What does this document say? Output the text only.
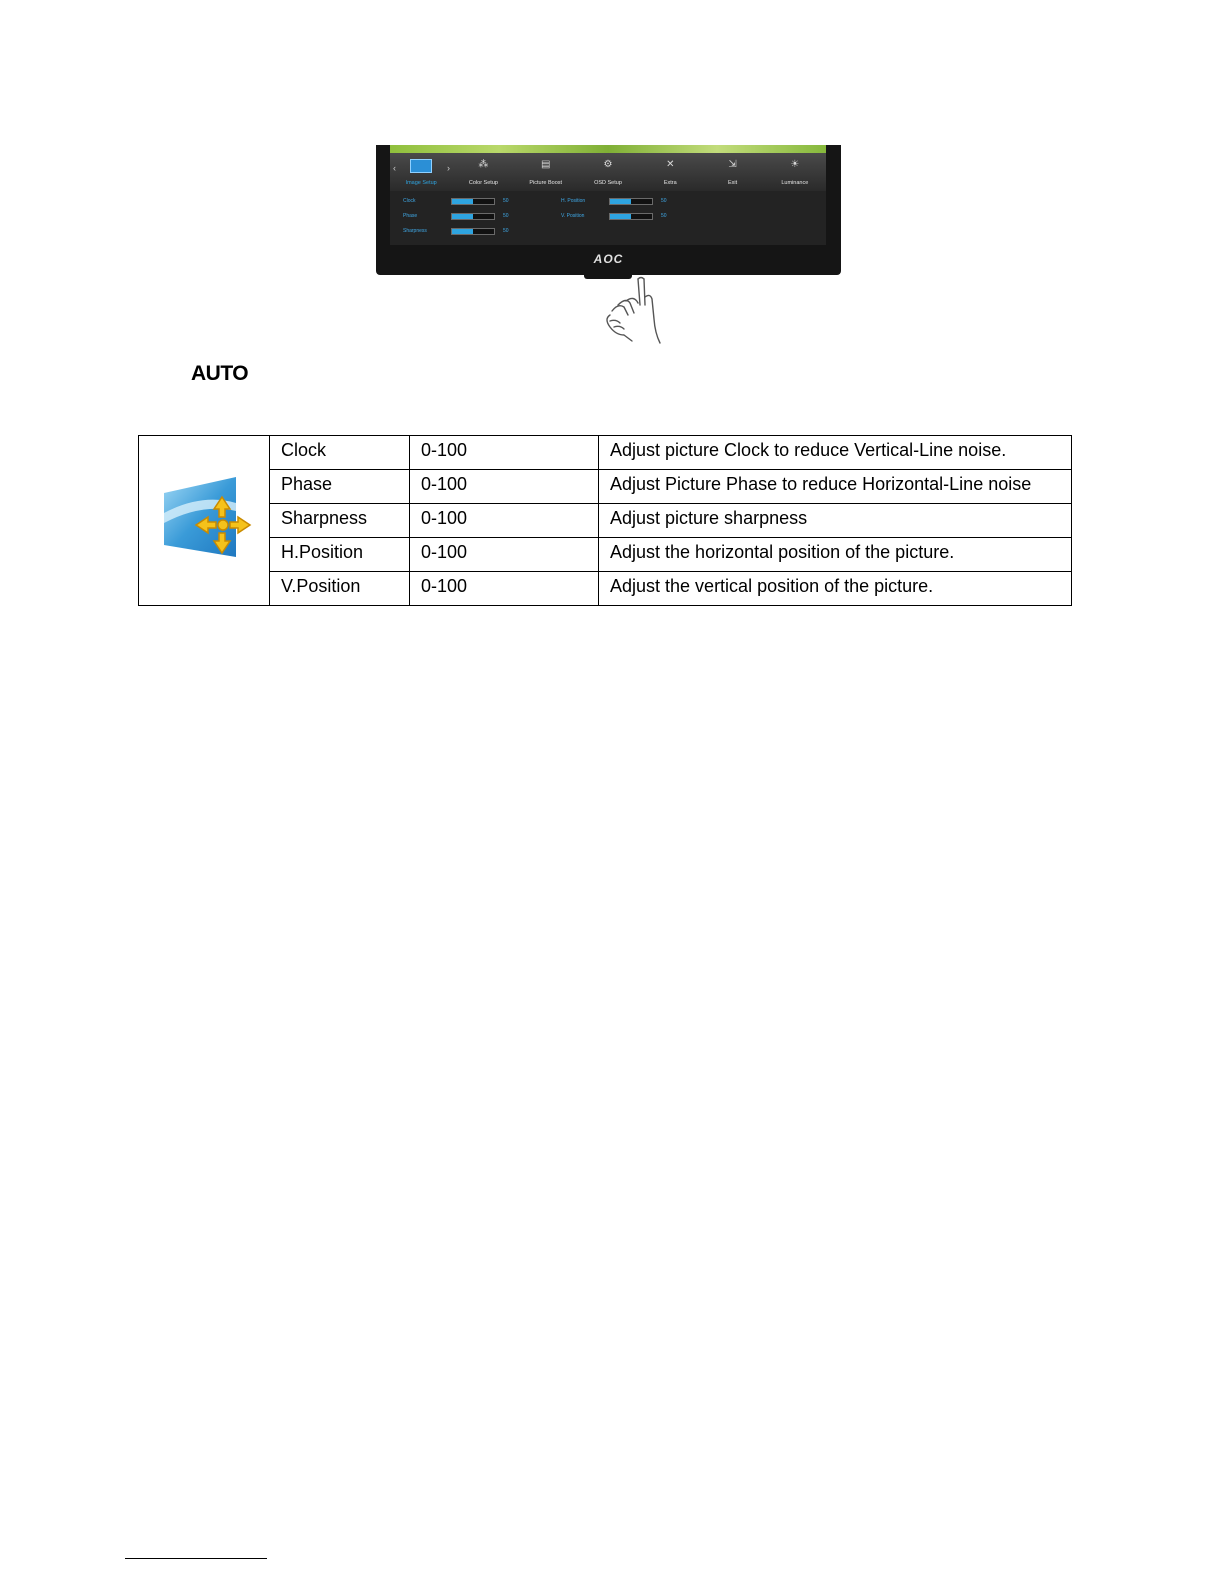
‹
Image Setup
⁂
Color Setup
▤
Picture Boost
⚙
OSD Setup
✕
Extra
⇲
Exit
☀
Luminance
›
Clock	50
Phase	50
Sharpness	50
H. Position	50
V. Position	50
AOC
AUTO
	Clock	0-100	Adjust picture Clock to reduce Vertical-Line noise.
	Phase	0-100	Adjust Picture Phase to reduce Horizontal-Line noise
	Sharpness	0-100	Adjust picture sharpness
	H.Position	0-100	Adjust the horizontal position of the picture.
	V.Position	0-100	Adjust the vertical position of the picture.
